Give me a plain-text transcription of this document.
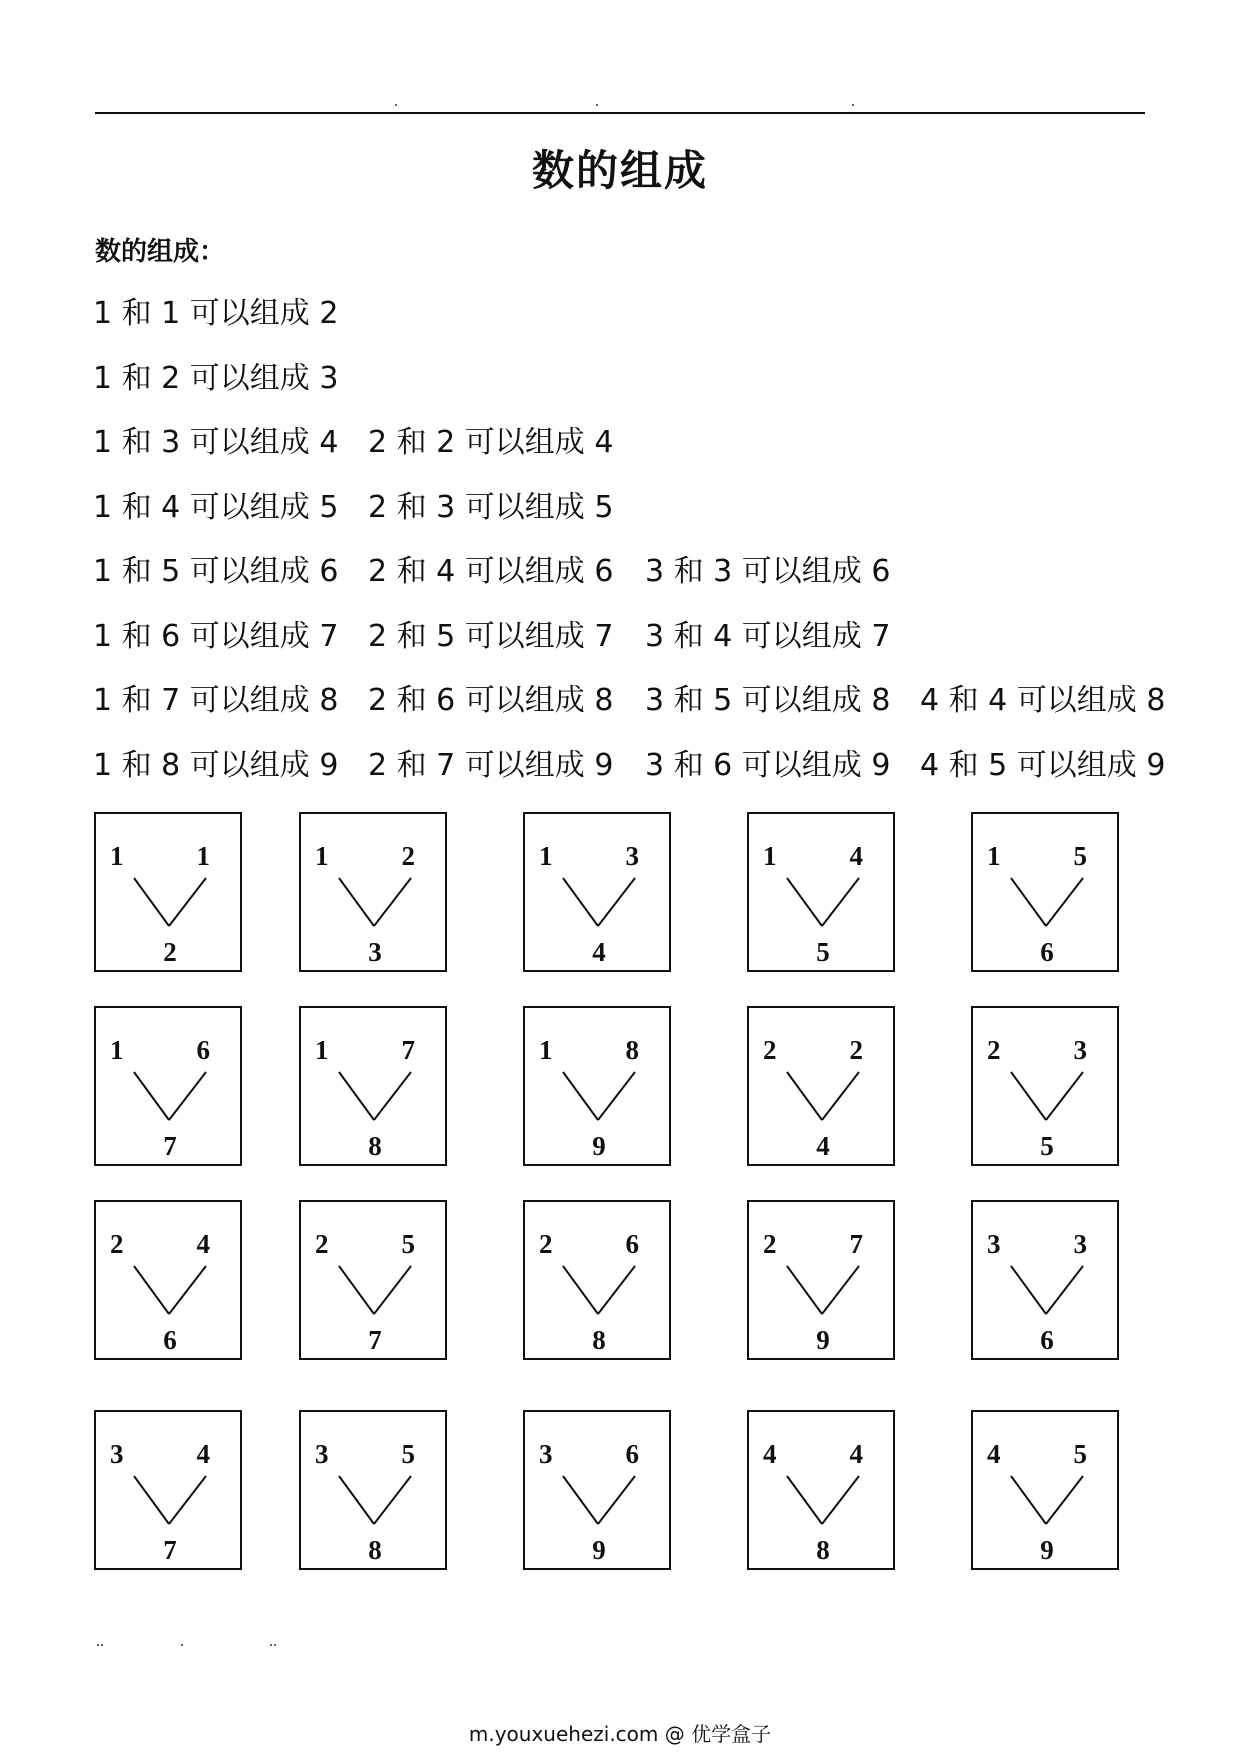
数的组成
数的组成：
1 和 1 可以组成 2
1 和 2 可以组成 3
1 和 3 可以组成 4 2 和 2 可以组成 4
1 和 4 可以组成 5 2 和 3 可以组成 5
1 和 5 可以组成 6 2 和 4 可以组成 6 3 和 3 可以组成 6
1 和 6 可以组成 7 2 和 5 可以组成 7 3 和 4 可以组成 7
1 和 7 可以组成 8 2 和 6 可以组成 8 3 和 5 可以组成 8 4 和 4 可以组成 8
1 和 8 可以组成 9 2 和 7 可以组成 9 3 和 6 可以组成 9 4 和 5 可以组成 9
1	1
2
1	2
3
1	3
4
1	4
5
1	5
6
1	6
7
1	7
8
1	8
9
2	2
4
2	3
5
2	4
6
2	5
7
2	6
8
2	7
9
3	3
6
3	4
7
3	5
8
3	6
9
4	4
8
4	5
9
m.youxuehezi.com @ 优学盒子
